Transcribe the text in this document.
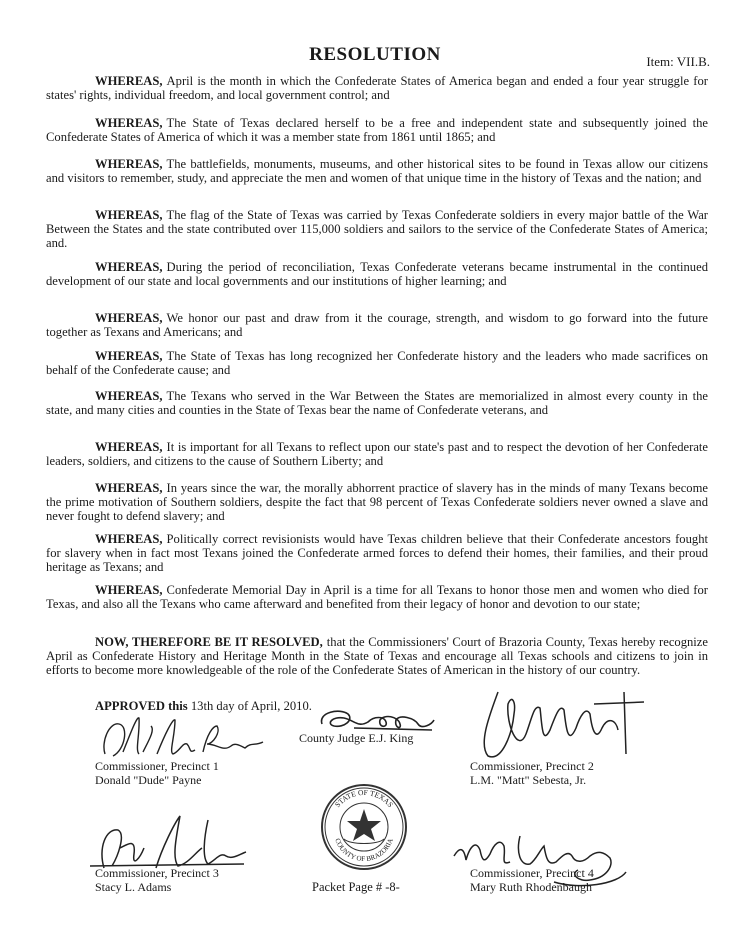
RESOLUTION	Item: VII.B.

WHEREAS, April is the month in which the Confederate States of America began and ended a four year struggle for states' rights, individual freedom, and local government control; and

WHEREAS, The State of Texas declared herself to be a free and independent state and subsequently joined the Confederate States of America of which it was a member state from 1861 until 1865; and

WHEREAS, The battlefields, monuments, museums, and other historical sites to be found in Texas allow our citizens and visitors to remember, study, and appreciate the men and women of that unique time in the history of Texas and the nation; and

WHEREAS, The flag of the State of Texas was carried by Texas Confederate soldiers in every major battle of the War Between the States and the state contributed over 115,000 soldiers and sailors to the service of the Confederate States of America; and.

WHEREAS, During the period of reconciliation, Texas Confederate veterans became instrumental in the continued development of our state and local governments and our institutions of higher learning; and

WHEREAS, We honor our past and draw from it the courage, strength, and wisdom to go forward into the future together as Texans and Americans; and

WHEREAS, The State of Texas has long recognized her Confederate history and the leaders who made sacrifices on behalf of the Confederate cause; and

WHEREAS, The Texans who served in the War Between the States are memorialized in almost every county in the state, and many cities and counties in the State of Texas bear the name of Confederate veterans, and

WHEREAS, It is important for all Texans to reflect upon our state's past and to respect the devotion of her Confederate leaders, soldiers, and citizens to the cause of Southern Liberty; and

WHEREAS, In years since the war, the morally abhorrent practice of slavery has in the minds of many Texans become the prime motivation of Southern soldiers, despite the fact that 98 percent of Texas Confederate soldiers never owned a slave and never fought to defend slavery; and

WHEREAS, Politically correct revisionists would have Texas children believe that their Confederate ancestors fought for slavery when in fact most Texans joined the Confederate armed forces to defend their homes, their families, and their proud heritage as Texans; and

WHEREAS, Confederate Memorial Day in April is a time for all Texans to honor those men and women who died for Texas, and also all the Texans who came afterward and benefited from their legacy of honor and devotion to our state;

NOW, THEREFORE BE IT RESOLVED, that the Commissioners' Court of Brazoria County, Texas hereby recognize April as Confederate History and Heritage Month in the State of Texas and encourage all Texas schools and citizens to join in efforts to become more knowledgeable of the role of the Confederate States of American in the history of our country.

APPROVED this 13th day of April, 2010.
Commissioner, Precinct 1
Donald "Dude" Payne
County Judge E.J. King
Commissioner, Precinct 2
L.M. "Matt" Sebesta, Jr.
STATE OF TEXAS
COUNTY OF BRAZORIA
Commissioner, Precinct 3
Stacy L. Adams
Commissioner, Precinct 4
Mary Ruth Rhodenbaugh
Packet Page # -8-
